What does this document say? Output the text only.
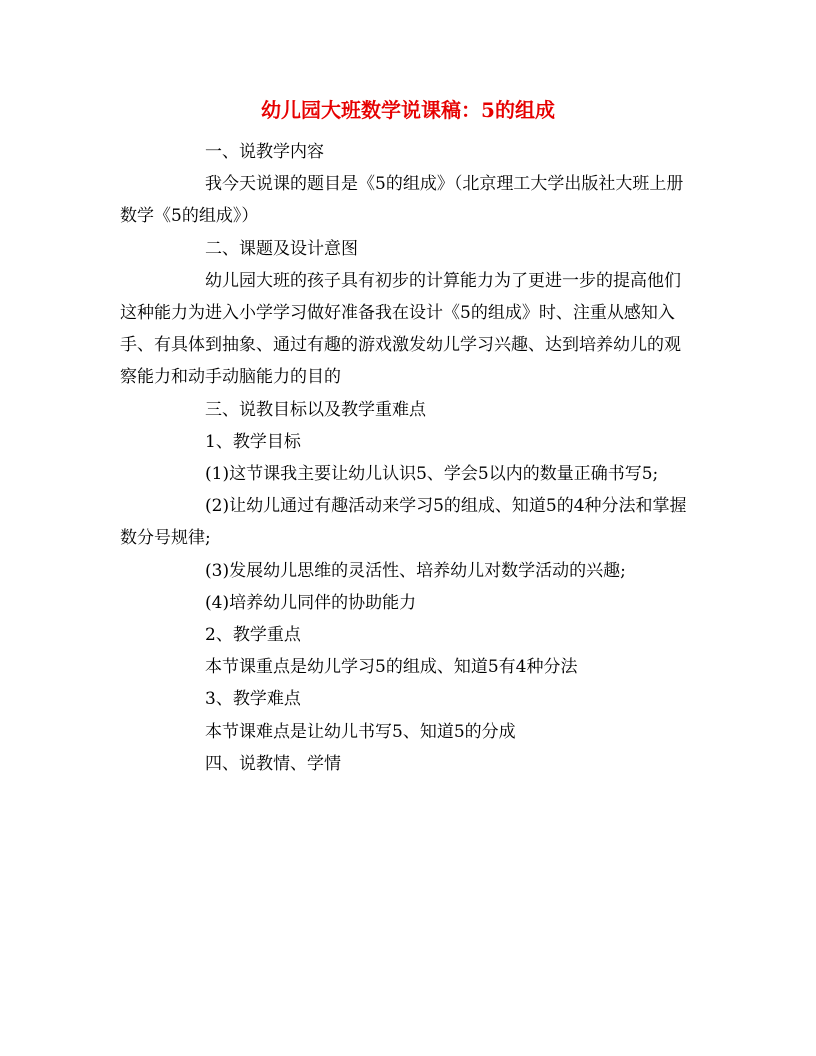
幼儿园大班数学说课稿：5的组成

一、说教学内容

我今天说课的题目是《5的组成》（北京理工大学出版社大班上册数学《5的组成》）

二、课题及设计意图

幼儿园大班的孩子具有初步的计算能力为了更进一步的提高他们这种能力为进入小学学习做好准备我在设计《5的组成》时、注重从感知入手、有具体到抽象、通过有趣的游戏激发幼儿学习兴趣、达到培养幼儿的观察能力和动手动脑能力的目的

三、说教目标以及教学重难点

1、教学目标

(1)这节课我主要让幼儿认识5、学会5以内的数量正确书写5;

(2)让幼儿通过有趣活动来学习5的组成、知道5的4种分法和掌握数分号规律;

(3)发展幼儿思维的灵活性、培养幼儿对数学活动的兴趣;

(4)培养幼儿同伴的协助能力

2、教学重点

本节课重点是幼儿学习5的组成、知道5有4种分法

3、教学难点

本节课难点是让幼儿书写5、知道5的分成

四、说教情、学情
